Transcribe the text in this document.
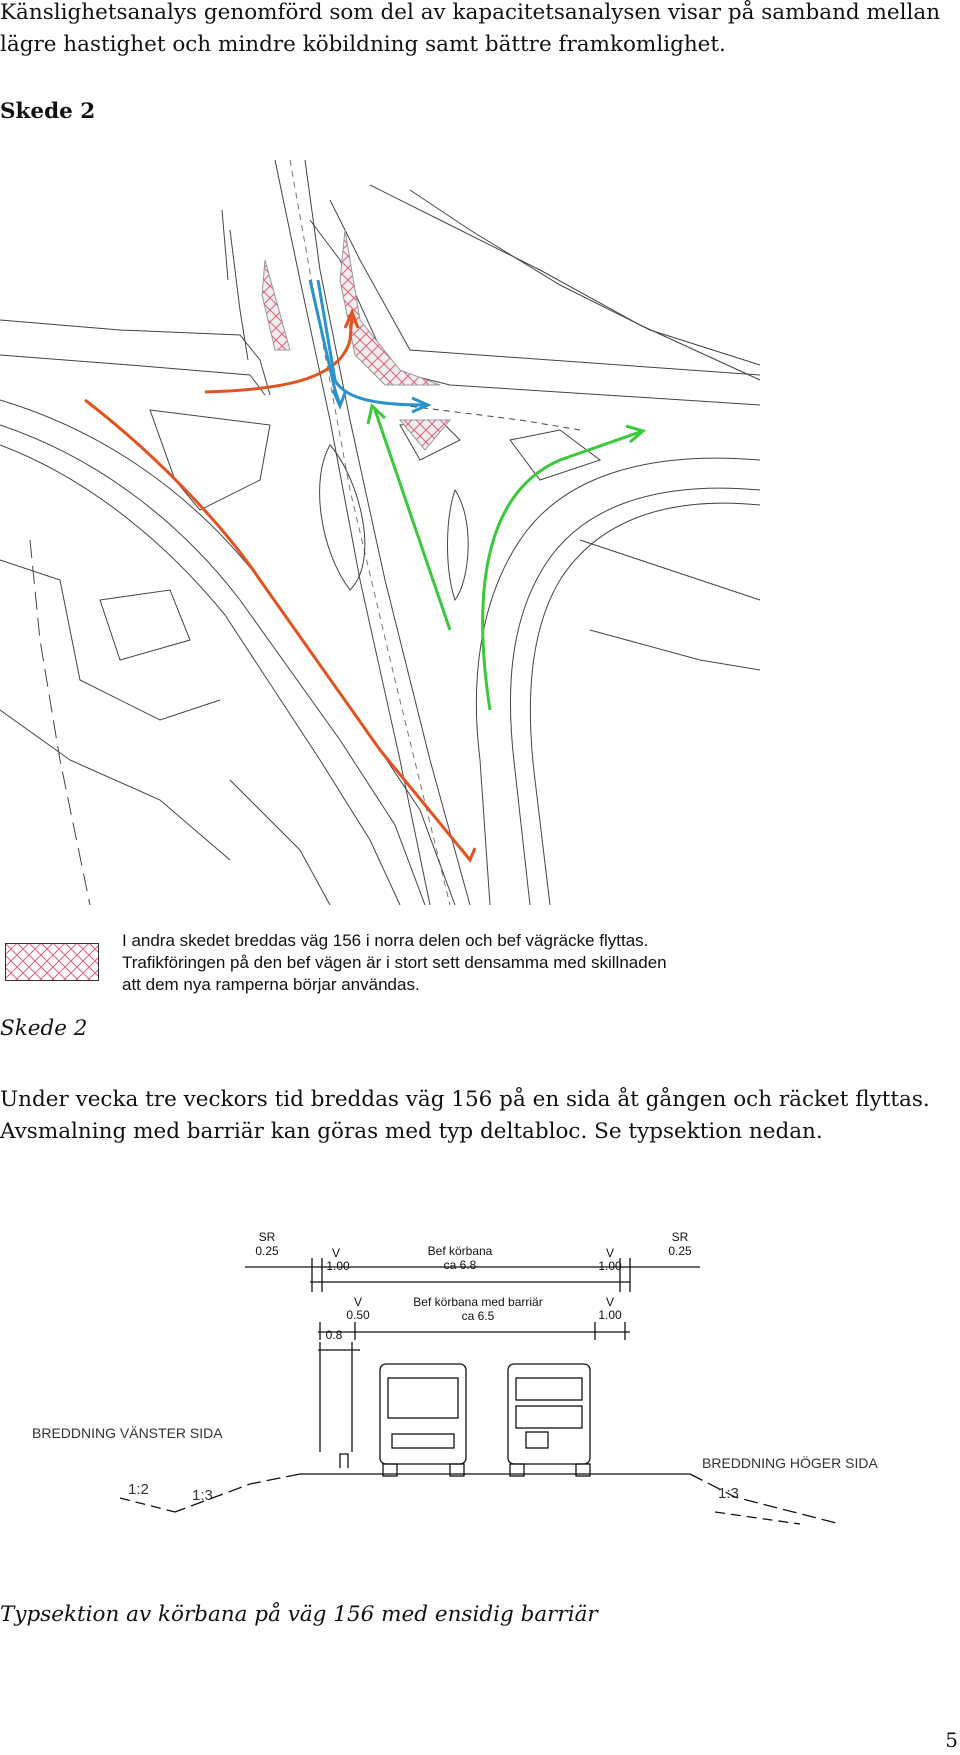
Känslighetsanalys genomförd som del av kapacitetsanalysen visar på samband mellan
lägre hastighet och mindre köbildning samt bättre framkomlighet.

Skede 2
I andra skedet breddas väg 156 i norra delen och bef vägräcke flyttas.
Trafikföringen på den bef vägen är i stort sett densamma med skillnaden
att dem nya ramperna börjar användas.

Skede 2

Under vecka tre veckors tid breddas väg 156 på en sida åt gången och räcket flyttas.
Avsmalning med barriär kan göras med typ deltabloc. Se typsektion nedan.

SR
0.25
SR
0.25
V
1.00
V
1.00
V
0.50
V
1.00
0.8
Bef körbana
ca 6.8
Bef körbana med barriär
ca 6.5
BREDDNING VÄNSTER SIDA
BREDDNING HÖGER SIDA
1:2	1:3	1:3

Typsektion av körbana på väg 156 med ensidig barriär

5
